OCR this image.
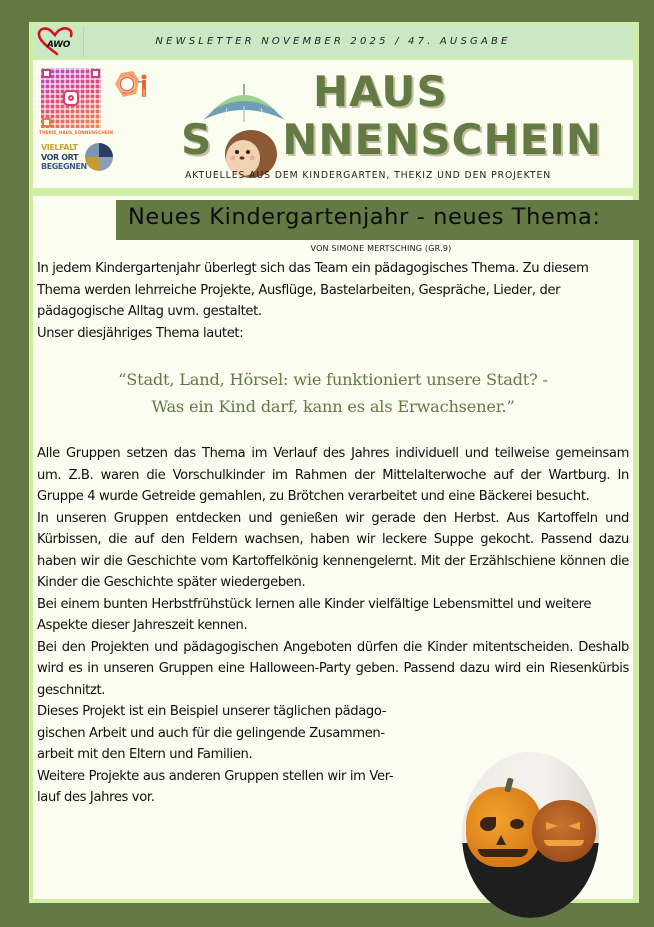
AWO	NEWSLETTER NOVEMBER 2025 / 47. AUSGABE
THEKIZ_HAUS_SONNENSCHEIN
VIELFALT
VOR ORT
BEGEGNEN
HAUS
S NNENSCHEIN
AKTUELLES AUS DEM KINDERGARTEN, THEKIZ UND DEN PROJEKTEN
Neues Kindergartenjahr - neues Thema:
VON SIMONE MERTSCHING (GR.9)

In jedem Kindergartenjahr überlegt sich das Team ein pädagogisches Thema. Zu diesem Thema werden lehrreiche Projekte, Ausflüge, Bastelarbeiten, Gespräche, Lieder, der pädagogische Alltag uvm. gestaltet.

Unser diesjähriges Thema lautet:

“Stadt, Land, Hörsel: wie funktioniert unsere Stadt? -

Was ein Kind darf, kann es als Erwachsener.”

Alle Gruppen setzen das Thema im Verlauf des Jahres individuell und teilweise gemeinsam um. Z.B. waren die Vorschulkinder im Rahmen der Mittelalterwoche auf der Wartburg. In Gruppe 4 wurde Getreide gemahlen, zu Brötchen verarbeitet und eine Bäckerei besucht.

In unseren Gruppen entdecken und genießen wir gerade den Herbst. Aus Kartoffeln und Kürbissen, die auf den Feldern wachsen, haben wir leckere Suppe gekocht. Passend dazu haben wir die Geschichte vom Kartoffelkönig kennengelernt. Mit der Erzählschiene können die Kinder die Geschichte später wiedergeben.

Bei einem bunten Herbstfrühstück lernen alle Kinder vielfältige Lebensmittel und weitere Aspekte dieser Jahreszeit kennen.

Bei den Projekten und pädagogischen Angeboten dürfen die Kinder mitentscheiden. Deshalb wird es in unseren Gruppen eine Halloween-Party geben. Passend dazu wird ein Riesenkürbis geschnitzt.

Dieses Projekt ist ein Beispiel unserer täglichen pädago-

gischen Arbeit und auch für die gelingende Zusammen-

arbeit mit den Eltern und Familien.

Weitere Projekte aus anderen Gruppen stellen wir im Ver-

lauf des Jahres vor.
